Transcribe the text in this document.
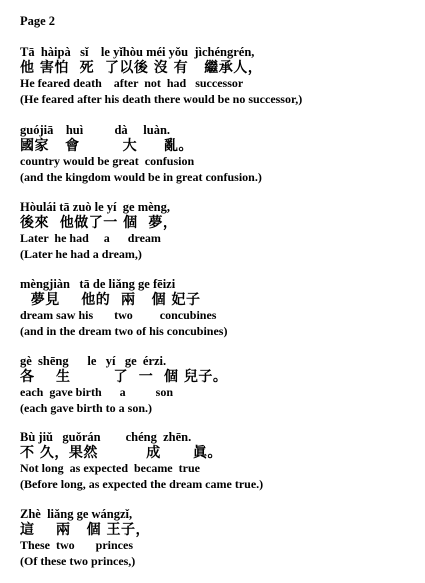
Page 2
Tā  hàipà   sǐ    le yǐhòu méi yǒu  jìchéngrén,
他 害怕  死  了以後 沒 有   繼承人，
He feared death    after  not  had   successor
(He feared after his death there would be no successor,)
guójiā    huì          dà     luàn.
國家   會        大     亂。
country would be great  confusion
(and the kingdom would be in great confusion.)
Hòulái tā zuò le yí  ge mèng,
後來  他做了一 個  夢，
Later  he had     a      dream
(Later he had a dream,)
mèngjiàn   tā de liǎng ge fēizi
夢見    他的  兩   個 妃子
dream saw his       two         concubines
(and in the dream two of his concubines)
gè  shēng      le   yí   ge  érzi.
各    生        了  一  個 兒子。
each  gave birth      a          son
(each gave birth to a son.)
Bù jiǔ   guǒrán        chéng  zhēn.
不 久，果然         成      眞。
Not long  as expected  became  true
(Before long, as expected the dream came true.)
Zhè  liǎng ge wángzǐ,
這    兩   個 王子，
These  two       princes
(Of these two princes,)
